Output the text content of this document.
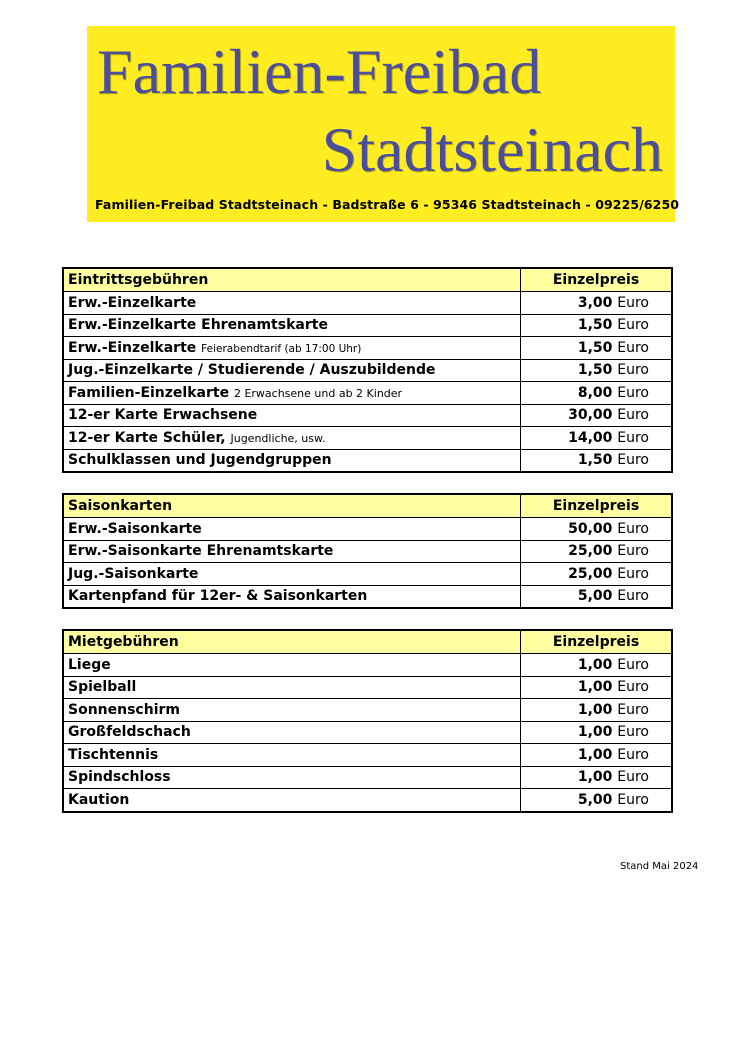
Familien-Freibad
Stadtsteinach
Familien-Freibad Stadtsteinach - Badstraße 6 - 95346 Stadtsteinach - 09225/6250
Eintrittsgebühren	Einzelpreis
Erw.-Einzelkarte	3,00 Euro
Erw.-Einzelkarte Ehrenamtskarte	1,50 Euro
Erw.-Einzelkarte Feierabendtarif (ab 17:00 Uhr)	1,50 Euro
Jug.-Einzelkarte / Studierende / Auszubildende	1,50 Euro
Familien-Einzelkarte 2 Erwachsene und ab 2 Kinder	8,00 Euro
12-er Karte Erwachsene	30,00 Euro
12-er Karte Schüler, Jugendliche, usw.	14,00 Euro
Schulklassen und Jugendgruppen	1,50 Euro
Saisonkarten	Einzelpreis
Erw.-Saisonkarte	50,00 Euro
Erw.-Saisonkarte Ehrenamtskarte	25,00 Euro
Jug.-Saisonkarte	25,00 Euro
Kartenpfand für 12er- & Saisonkarten	5,00 Euro
Mietgebühren	Einzelpreis
Liege	1,00 Euro
Spielball	1,00 Euro
Sonnenschirm	1,00 Euro
Großfeldschach	1,00 Euro
Tischtennis	1,00 Euro
Spindschloss	1,00 Euro
Kaution	5,00 Euro
Stand Mai 2024
